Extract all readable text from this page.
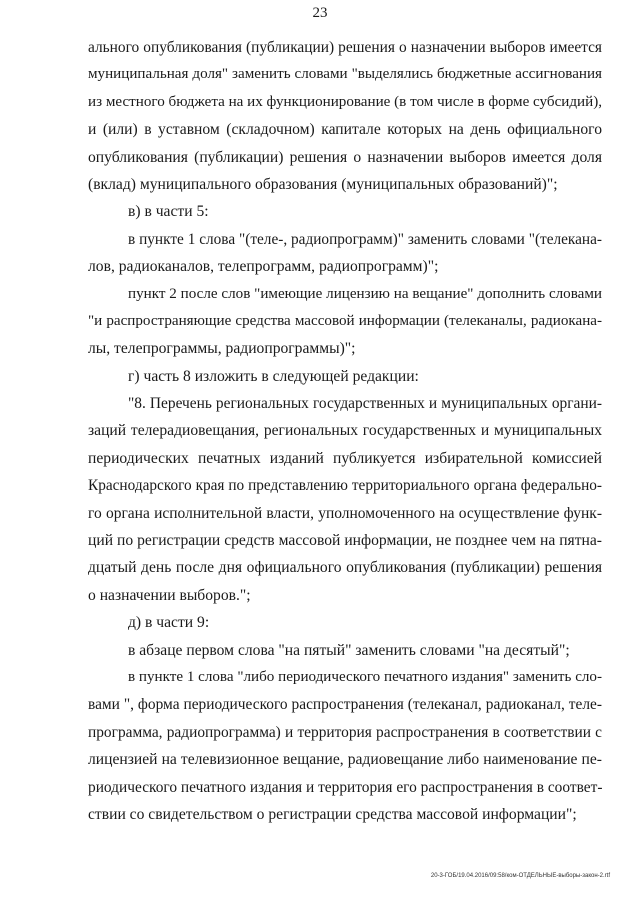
23
ального опубликования (публикации) решения о назначении выборов имеется
муниципальная доля" заменить словами "выделялись бюджетные ассигнования
из местного бюджета на их функционирование (в том числе в форме субсидий),
и (или) в уставном (складочном) капитале которых на день официального
опубликования (публикации) решения о назначении выборов имеется доля
(вклад) муниципального образования (муниципальных образований)";
в) в части 5:
в пункте 1 слова "(теле-, радиопрограмм)" заменить словами "(телекана-
лов, радиоканалов, телепрограмм, радиопрограмм)";
пункт 2 после слов "имеющие лицензию на вещание" дополнить словами
"и распространяющие средства массовой информации (телеканалы, радиокана-
лы, телепрограммы, радиопрограммы)";
г) часть 8 изложить в следующей редакции:
"8. Перечень региональных государственных и муниципальных органи-
заций телерадиовещания, региональных государственных и муниципальных
периодических печатных изданий публикуется избирательной комиссией
Краснодарского края по представлению территориального органа федерально-
го органа исполнительной власти, уполномоченного на осуществление функ-
ций по регистрации средств массовой информации, не позднее чем на пятна-
дцатый день после дня официального опубликования (публикации) решения
о назначении выборов.";
д) в части 9:
в абзаце первом слова "на пятый" заменить словами "на десятый";
в пункте 1 слова "либо периодического печатного издания" заменить сло-
вами ", форма периодического распространения (телеканал, радиоканал, теле-
программа, радиопрограмма) и территория распространения в соответствии с
лицензией на телевизионное вещание, радиовещание либо наименование пе-
риодического печатного издания и территория его распространения в соответ-
ствии со свидетельством о регистрации средства массовой информации";
20-3-ГОБ/19.04.2016/09:58/ком-ОТДЕЛЬНЫЕ-выборы-закон-2.rtf
